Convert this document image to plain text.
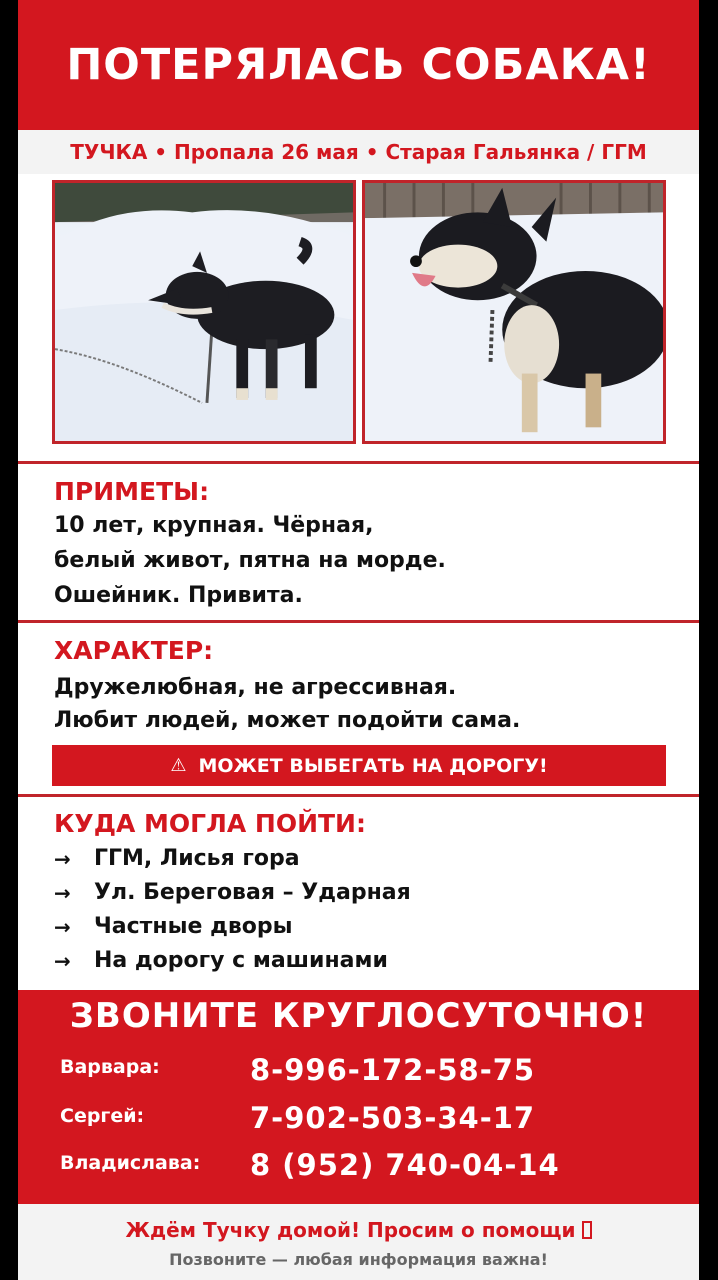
ПОТЕРЯЛАСЬ СОБАКА!
ТУЧКА • Пропала 26 мая • Старая Гальянка / ГГМ
ПРИМЕТЫ:
10 лет, крупная. Чёрная,
белый живот, пятна на морде.
Ошейник. Привита.
ХАРАКТЕР:
Дружелюбная, не агрессивная.
Любит людей, может подойти сама.
⚠ МОЖЕТ ВЫБЕГАТЬ НА ДОРОГУ!
КУДА МОГЛА ПОЙТИ:
→	ГГМ, Лисья гора
→	Ул. Береговая – Ударная
→	Частные дворы
→	На дорогу с машинами
ЗВОНИТЕ КРУГЛОСУТОЧНО!
Варвара:	8-996-172-58-75
Сергей:	7-902-503-34-17
Владислава: 8 (952) 740-04-14
Ждём Тучку домой! Просим о помощи
Позвоните — любая информация важна!
